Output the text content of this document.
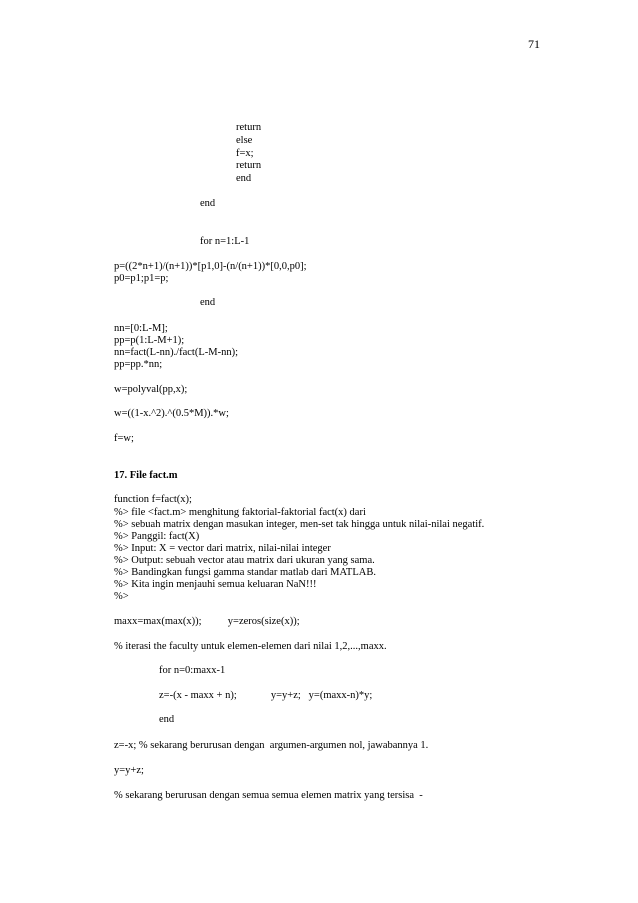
71
return
else
f=x;
return
end
end
for n=1:L-1
p=((2*n+1)/(n+1))*[p1,0]-(n/(n+1))*[0,0,p0];
p0=p1;p1=p;
end
nn=[0:L-M];
pp=p(1:L-M+1);
nn=fact(L-nn)./fact(L-M-nn);
pp=pp.*nn;
w=polyval(pp,x);
w=((1-x.^2).^(0.5*M)).*w;
f=w;
17. File fact.m
function f=fact(x);
%> file <fact.m> menghitung faktorial-faktorial fact(x) dari
%> sebuah matrix dengan masukan integer, men-set tak hingga untuk nilai-nilai negatif.
%> Panggil: fact(X)
%> Input: X = vector dari matrix, nilai-nilai integer
%> Output: sebuah vector atau matrix dari ukuran yang sama.
%> Bandingkan fungsi gamma standar matlab dari MATLAB.
%> Kita ingin menjauhi semua keluaran NaN!!!
%>
maxx=max(max(x));          y=zeros(size(x));
% iterasi the faculty untuk elemen-elemen dari nilai 1,2,...,maxx.
for n=0:maxx-1
z=-(x - maxx + n);             y=y+z;   y=(maxx-n)*y;
end
z=-x; % sekarang berurusan dengan  argumen-argumen nol, jawabannya 1.
y=y+z;
% sekarang berurusan dengan semua semua elemen matrix yang tersisa  -
